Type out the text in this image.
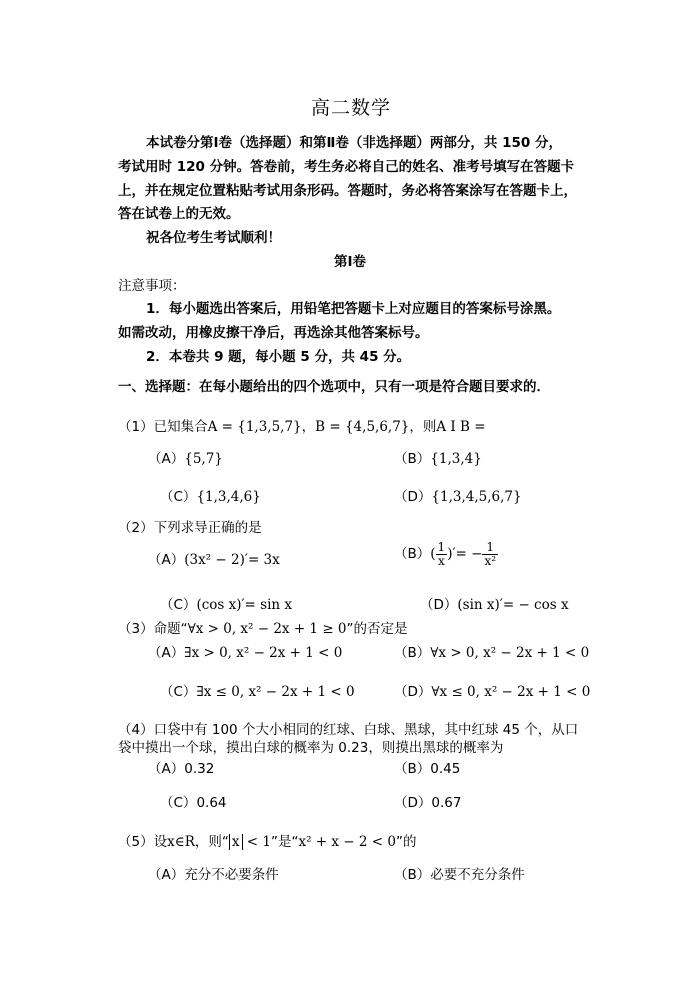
高二数学
本试卷分第Ⅰ卷（选择题）和第Ⅱ卷（非选择题）两部分，共 150 分，
考试用时 120 分钟。答卷前，考生务必将自己的姓名、准考号填写在答题卡
上，并在规定位置粘贴考试用条形码。答题时，务必将答案涂写在答题卡上，
答在试卷上的无效。
祝各位考生考试顺利！
第Ⅰ卷
注意事项：
1．每小题选出答案后，用铅笔把答题卡上对应题目的答案标号涂黑。
如需改动，用橡皮擦干净后，再选涂其他答案标号。
2．本卷共 9 题，每小题 5 分，共 45 分。
一、选择题：在每小题给出的四个选项中，只有一项是符合题目要求的．
（1）已知集合A = {1,3,5,7}，B = {4,5,6,7}，则A I B =
（A）{5,7}	（B）{1,3,4}
（C）{1,3,4,6}	（D）{1,3,4,5,6,7}
（2）下列求导正确的是
（A）(3x² − 2)′= 3x	$(B)( \frac{1}{x}$ )′= − $\frac{1}{\text{x²}}$
（C）(cos x)′= sin x	（D）(sin x)′= − cos x
（3）命题“∀x > 0, x² − 2x + 1 ≥ 0”的否定是
（A）∃x > 0, x² − 2x + 1 < 0	（B）∀x > 0, x² − 2x + 1 < 0
（C）∃x ≤ 0, x² − 2x + 1 < 0	（D）∀x ≤ 0, x² − 2x + 1 < 0
（4）口袋中有 100 个大小相同的红球、白球、黑球，其中红球 45 个，从口
袋中摸出一个球，摸出白球的概率为 0.23，则摸出黑球的概率为
（A）0.32	（B）0.45
（C）0.64	（D）0.67
（5）设x∈R，则“ x < 1”是“x² + x − 2 < 0”的
（A）充分不必要条件	（B）必要不充分条件
